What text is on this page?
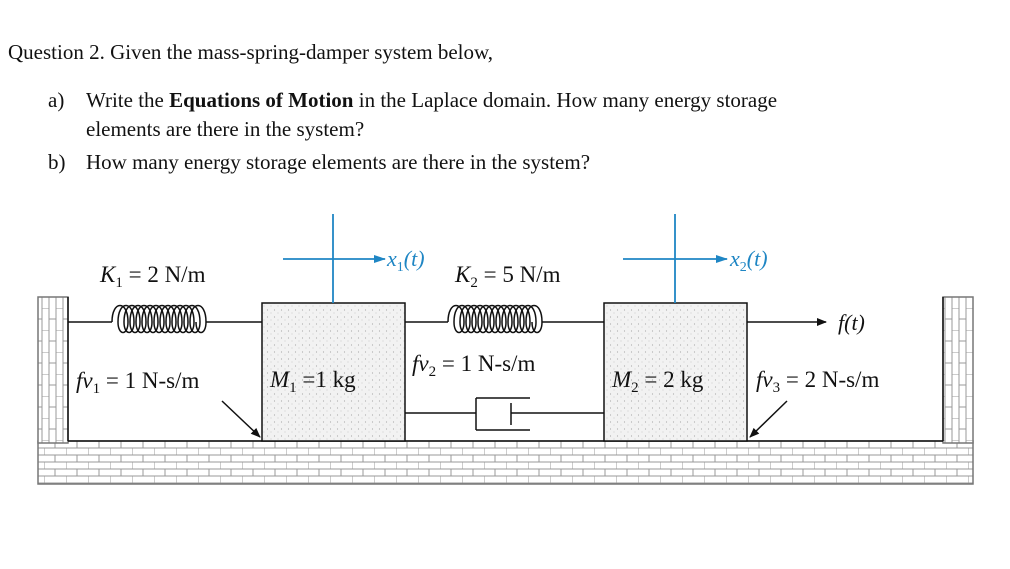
Question 2. Given the mass-spring-damper system below,
a) Write the Equations of Motion in the Laplace domain. How many energy storage
elements are there in the system?
b) How many energy storage elements are there in the system?
$x_1(t)$	$x_2(t)$
$K_1 = 2$ N/m	$K_2 = 5$ N/m
$M_1 =1$ kg	$M_2 = 2$ kg
$fv_1 = 1$ N-s/m
$fv_2 = 1$ N-s/m
$fv_3 = 2$ N-s/m
f(t)
